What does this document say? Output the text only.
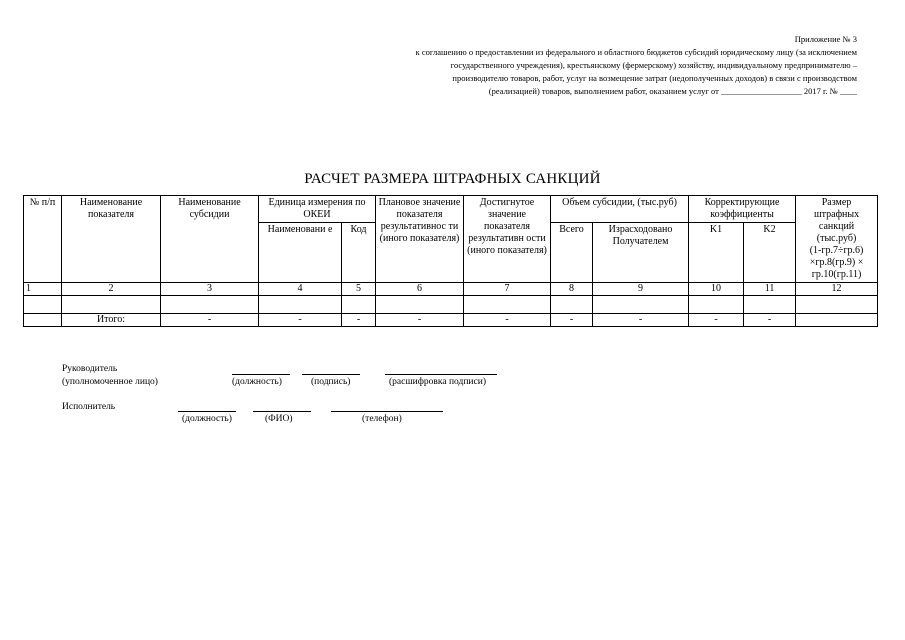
Приложение № 3
к соглашению о предоставлении из федерального и областного бюджетов субсидий юридическому лицу (за исключением
государственного учреждения), крестьянскому (фермерскому) хозяйству, индивидуальному предпринимателю –
производителю товаров, работ, услуг на возмещение затрат (недополученных доходов) в связи с производством
(реализацией) товаров, выполнением работ, оказанием услуг от ___________________ 2017 г. № ____
РАСЧЕТ РАЗМЕРА ШТРАФНЫХ САНКЦИЙ
№ п/п	Наименование показателя	Наименование субсидии	Единица измерения по ОКЕИ		Плановое значение показателя результативнос ти (иного показателя)	Достигнутое значение показателя результативн ости (иного показателя)	Объем субсидии, (тыс.руб)		Корректирующие коэффициенты		Размер штрафных санкций (тыс.руб)
(1-гр.7÷гр.6) ×гр.8(гр.9) × гр.10(гр.11)

			Наименовани е	Код							
							Всего	Израсходовано Получателем	K1	K2	
1	2	3	4	5	6	7	8	9	10	11	12

	Итого:	-	-	-	-	-	-	-	-	-	
Руководитель
(уполномоченное лицо)	(должность)	(подпись)	(расшифровка подписи)
Исполнитель
(должность)	(ФИО)	(телефон)
